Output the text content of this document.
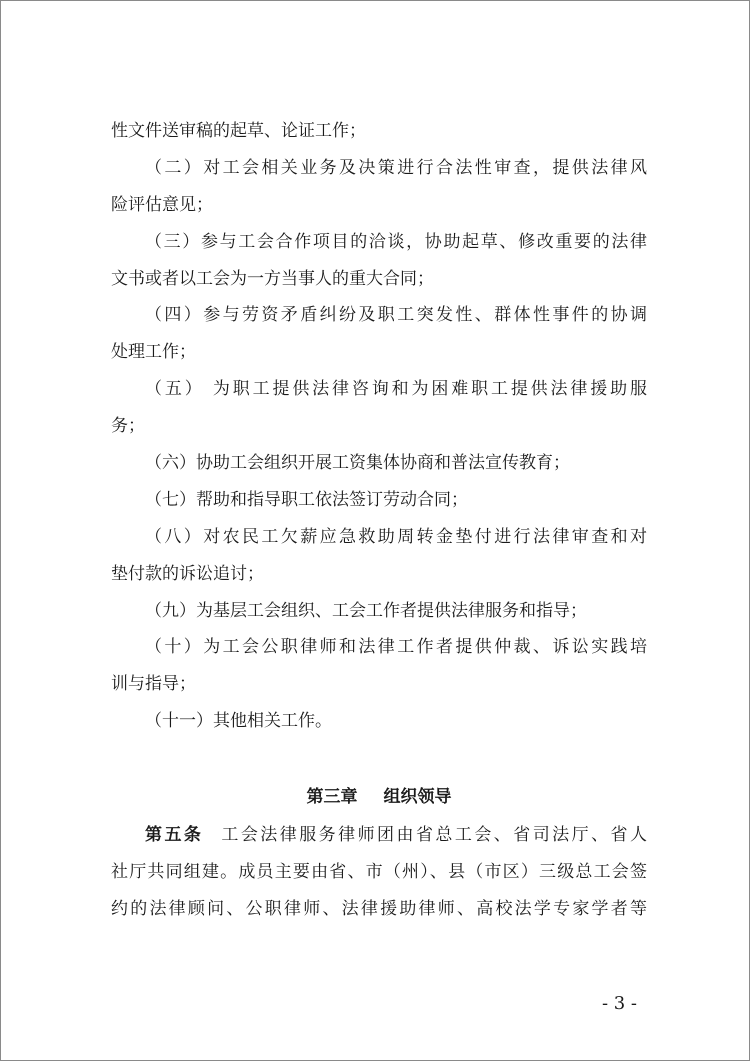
性文件送审稿的起草、论证工作；
（二）对工会相关业务及决策进行合法性审查，提供法律风
险评估意见；
（三）参与工会合作项目的洽谈，协助起草、修改重要的法律
文书或者以工会为一方当事人的重大合同；
（四）参与劳资矛盾纠纷及职工突发性、群体性事件的协调
处理工作；
（五） 为职工提供法律咨询和为困难职工提供法律援助服
务；
（六）协助工会组织开展工资集体协商和普法宣传教育；
（七）帮助和指导职工依法签订劳动合同；
（八）对农民工欠薪应急救助周转金垫付进行法律审查和对
垫付款的诉讼追讨；
（九）为基层工会组织、工会工作者提供法律服务和指导；
（十）为工会公职律师和法律工作者提供仲裁、诉讼实践培
训与指导；
（十一）其他相关工作。
第三章 组织领导
第五条 工会法律服务律师团由省总工会、省司法厅、省人
社厅共同组建。成员主要由省、市（州）、县（市区）三级总工会签
约的法律顾问、公职律师、法律援助律师、高校法学专家学者等
- 3 -
